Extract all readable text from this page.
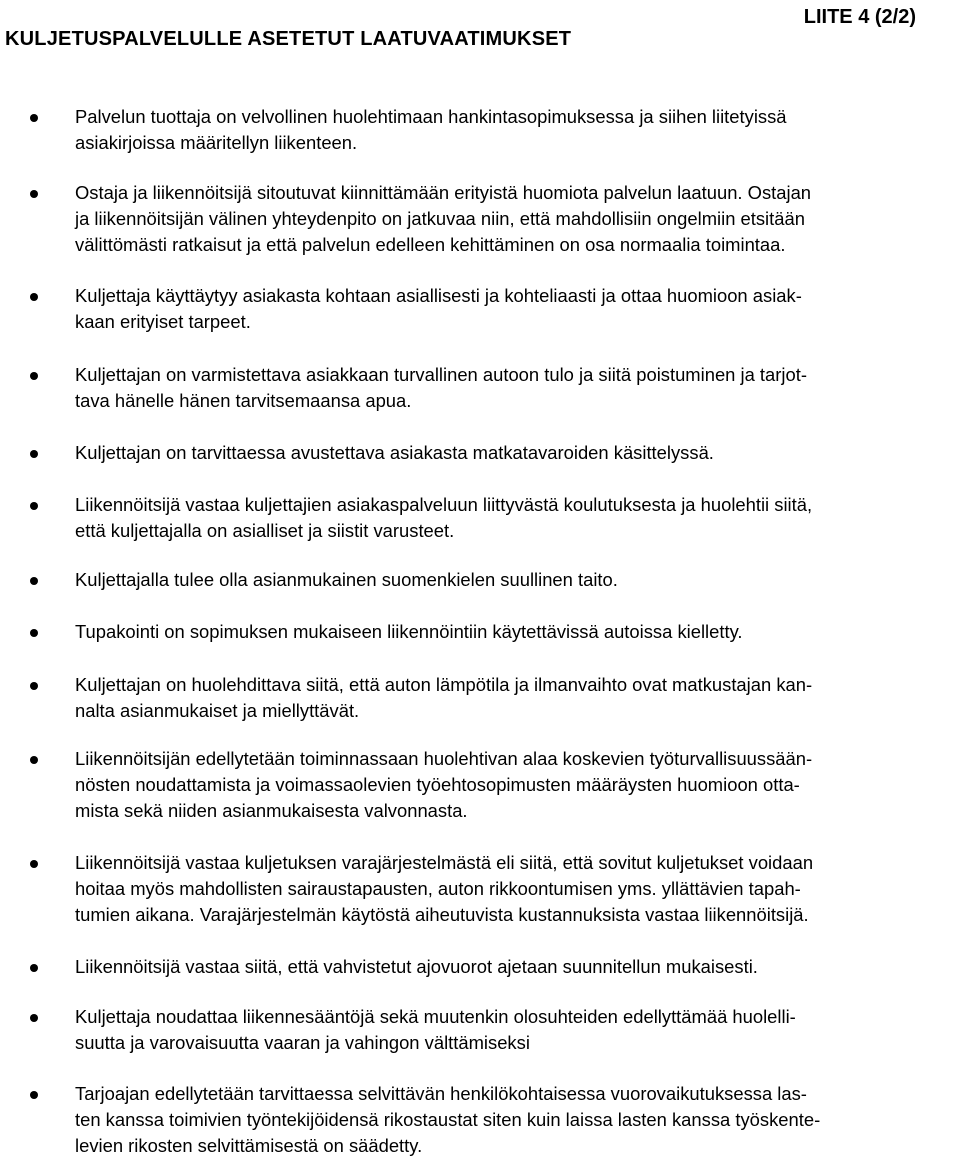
KULJETUSPALVELULLE ASETETUT LAATUVAATIMUKSET
LIITE 4 (2/2)
Palvelun tuottaja on velvollinen huolehtimaan hankintasopimuksessa ja siihen liitetyissä
asiakirjoissa määritellyn liikenteen.
Ostaja ja liikennöitsijä sitoutuvat kiinnittämään erityistä huomiota palvelun laatuun. Ostajan
ja liikennöitsijän välinen yhteydenpito on jatkuvaa niin, että mahdollisiin ongelmiin etsitään
välittömästi ratkaisut ja että palvelun edelleen kehittäminen on osa normaalia toimintaa.
Kuljettaja käyttäytyy asiakasta kohtaan asiallisesti ja kohteliaasti ja ottaa huomioon asiak-
kaan erityiset tarpeet.
Kuljettajan on varmistettava asiakkaan turvallinen autoon tulo ja siitä poistuminen ja tarjot-
tava hänelle hänen tarvitsemaansa apua.
Kuljettajan on tarvittaessa avustettava asiakasta matkatavaroiden käsittelyssä.
Liikennöitsijä vastaa kuljettajien asiakaspalveluun liittyvästä koulutuksesta ja huolehtii siitä,
että kuljettajalla on asialliset ja siistit varusteet.
Kuljettajalla tulee olla asianmukainen suomenkielen suullinen taito.
Tupakointi on sopimuksen mukaiseen liikennöintiin käytettävissä autoissa kielletty.
Kuljettajan on huolehdittava siitä, että auton lämpötila ja ilmanvaihto ovat matkustajan kan-
nalta asianmukaiset ja miellyttävät.
Liikennöitsijän edellytetään toiminnassaan huolehtivan alaa koskevien työturvallisuussään-
nösten noudattamista ja voimassaolevien työehtosopimusten määräysten huomioon otta-
mista sekä niiden asianmukaisesta valvonnasta.
Liikennöitsijä vastaa kuljetuksen varajärjestelmästä eli siitä, että sovitut kuljetukset voidaan
hoitaa myös mahdollisten sairaustapausten, auton rikkoontumisen yms. yllättävien tapah-
tumien aikana. Varajärjestelmän käytöstä aiheutuvista kustannuksista vastaa liikennöitsijä.
Liikennöitsijä vastaa siitä, että vahvistetut ajovuorot ajetaan suunnitellun mukaisesti.
Kuljettaja noudattaa liikennesääntöjä sekä muutenkin olosuhteiden edellyttämää huolelli-
suutta ja varovaisuutta vaaran ja vahingon välttämiseksi
Tarjoajan edellytetään tarvittaessa selvittävän henkilökohtaisessa vuorovaikutuksessa las-
ten kanssa toimivien työntekijöidensä rikostaustat siten kuin laissa lasten kanssa työskente-
levien rikosten selvittämisestä on säädetty.
